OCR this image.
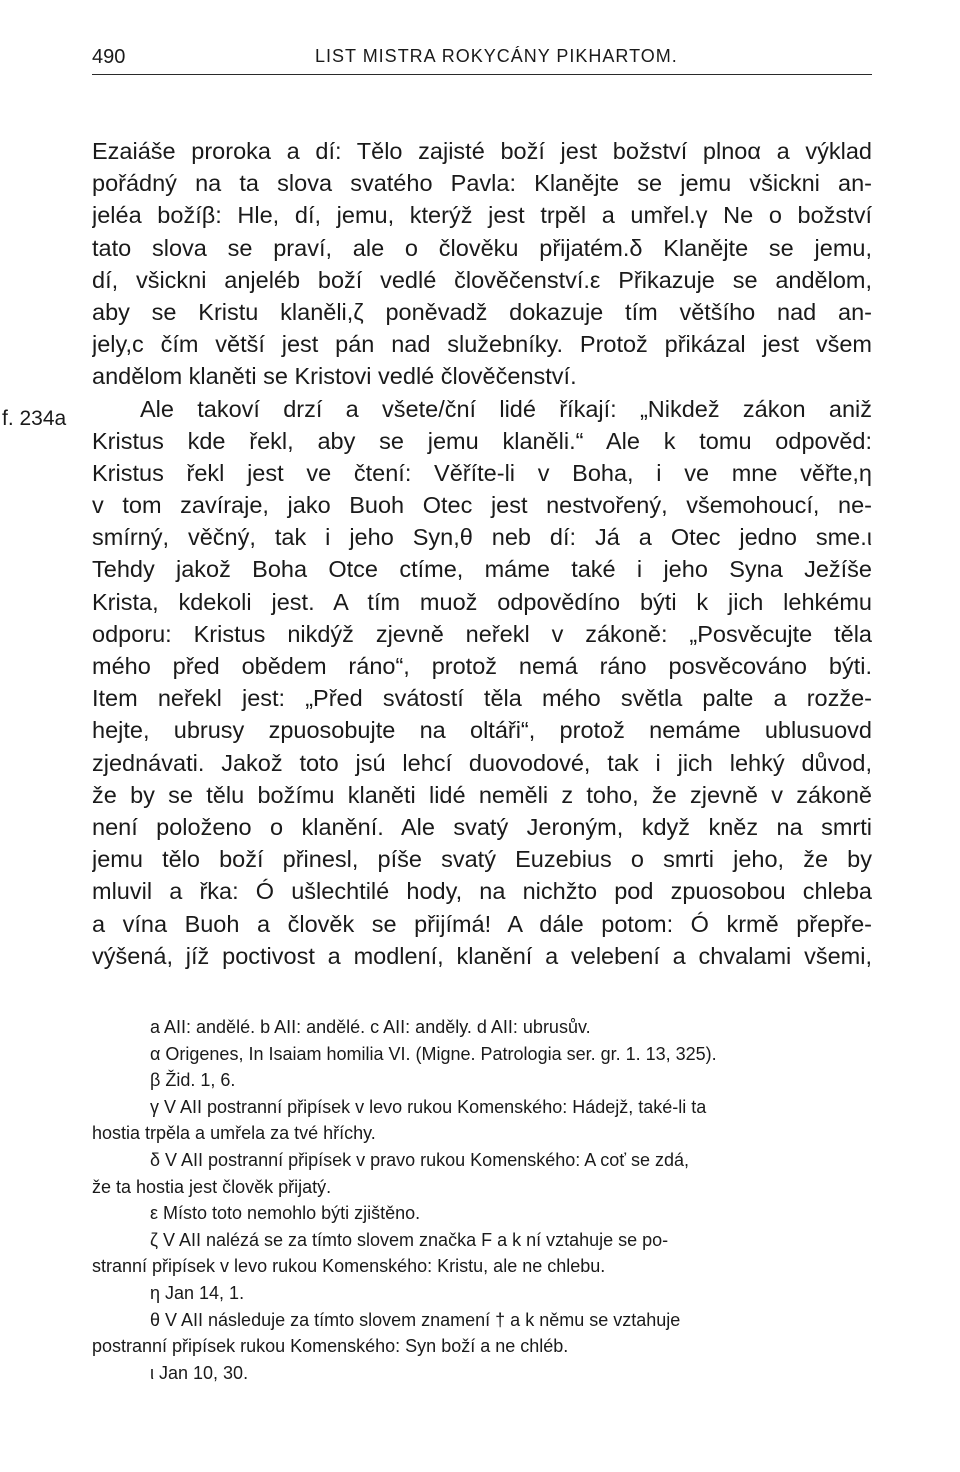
490	LIST MISTRA ROKYCÁNY PIKHARTOM.
f. 234a
Ezaiáše proroka a dí: Tělo zajisté boží jest božství plnoα a výklad
pořádný na ta slova svatého Pavla: Klanějte se jemu všickni an-
jeléa božíβ: Hle, dí, jemu, kterýž jest trpěl a umřel.γ Ne o božství
tato slova se praví, ale o člověku přijatém.δ Klanějte se jemu,
dí, všickni anjeléb boží vedlé člověčenství.ε Přikazuje se andělom,
aby se Kristu klaněli,ζ poněvadž dokazuje tím většího nad an-
jely,c čím větší jest pán nad služebníky. Protož přikázal jest všem
andělom klaněti se Kristovi vedlé člověčenství.
Ale takoví drzí a všete/ční lidé říkají: „Nikdež zákon aniž
Kristus kde řekl, aby se jemu klaněli.“ Ale k tomu odpověd:
Kristus řekl jest ve čtení: Věříte-li v Boha, i ve mne věřte,η
v tom zavíraje, jako Buoh Otec jest nestvořený, všemohoucí, ne-
smírný, věčný, tak i jeho Syn,θ neb dí: Já a Otec jedno sme.ι
Tehdy jakož Boha Otce ctíme, máme také i jeho Syna Ježíše
Krista, kdekoli jest. A tím muož odpovědíno býti k jich lehkému
odporu: Kristus nikdýž zjevně neřekl v zákoně: „Posvěcujte těla
mého před obědem ráno“, protož nemá ráno posvěcováno býti.
Item neřekl jest: „Před svátostí těla mého světla palte a rozže-
hejte, ubrusy zpuosobujte na oltáři“, protož nemáme ublusuovd
zjednávati. Jakož toto jsú lehcí duovodové, tak i jich lehký důvod,
že by se tělu božímu klaněti lidé neměli z toho, že zjevně v zákoně
není položeno o klanění. Ale svatý Jeroným, když kněz na smrti
jemu tělo boží přinesl, píše svatý Euzebius o smrti jeho, že by
mluvil a řka: Ó ušlechtilé hody, na nichžto pod zpuosobou chleba
a vína Buoh a člověk se přijímá! A dále potom: Ó krmě přepře-
výšená, jíž poctivost a modlení, klanění a velebení a chvalami všemi,
a AII: andělé. b AII: andělé. c AII: anděly. d AII: ubrusův.
α Origenes, In Isaiam homilia VI. (Migne. Patrologia ser. gr. 1. 13, 325).
β Žid. 1, 6.
γ V AII postranní připísek v levo rukou Komenského: Hádejž, také-li ta
hostia trpěla a umřela za tvé hříchy.
δ V AII postranní připísek v pravo rukou Komenského: A coť se zdá,
že ta hostia jest člověk přijatý.
ε Místo toto nemohlo býti zjištěno.
ζ V AII nalézá se za tímto slovem značka F a k ní vztahuje se po-
stranní připísek v levo rukou Komenského: Kristu, ale ne chlebu.
η Jan 14, 1.
θ V AII následuje za tímto slovem znamení † a k němu se vztahuje
postranní připísek rukou Komenského: Syn boží a ne chléb.
ι Jan 10, 30.
